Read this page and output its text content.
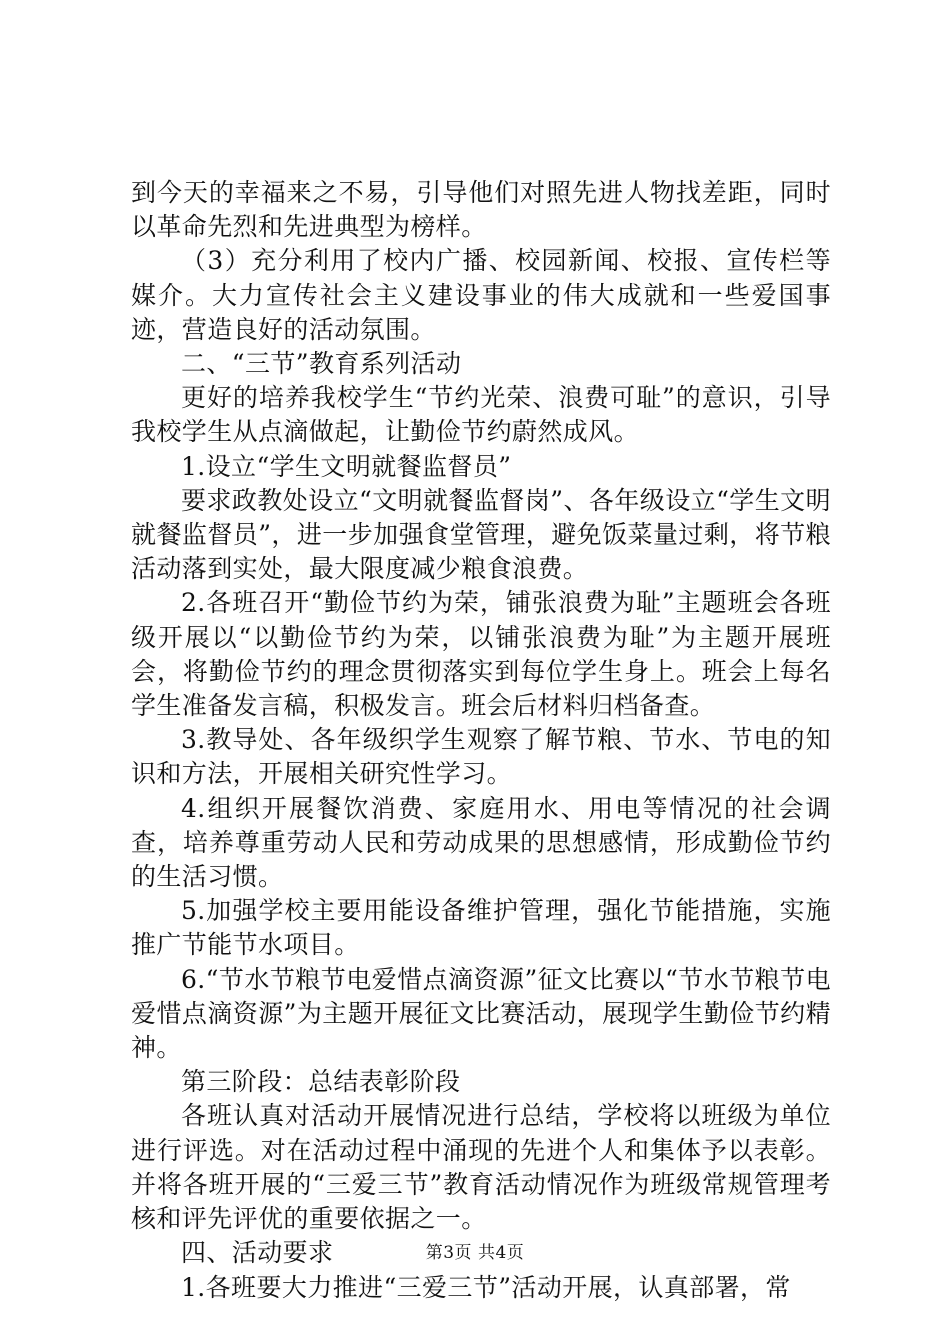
到今天的幸福来之不易，引导他们对照先进人物找差距，同时以革命先烈和先进典型为榜样。

（3）充分利用了校内广播、校园新闻、校报、宣传栏等媒介。大力宣传社会主义建设事业的伟大成就和一些爱国事迹，营造良好的活动氛围。

二、“三节”教育系列活动

更好的培养我校学生“节约光荣、浪费可耻”的意识，引导我校学生从点滴做起，让勤俭节约蔚然成风。

1.设立“学生文明就餐监督员”

要求政教处设立“文明就餐监督岗”、各年级设立“学生文明就餐监督员”，进一步加强食堂管理，避免饭菜量过剩，将节粮活动落到实处，最大限度减少粮食浪费。

2.各班召开“勤俭节约为荣，铺张浪费为耻”主题班会各班级开展以“以勤俭节约为荣，以铺张浪费为耻”为主题开展班会，将勤俭节约的理念贯彻落实到每位学生身上。班会上每名学生准备发言稿，积极发言。班会后材料归档备查。

3.教导处、各年级织学生观察了解节粮、节水、节电的知识和方法，开展相关研究性学习。

4.组织开展餐饮消费、家庭用水、用电等情况的社会调查，培养尊重劳动人民和劳动成果的思想感情，形成勤俭节约的生活习惯。

5.加强学校主要用能设备维护管理，强化节能措施，实施推广节能节水项目。

6.“节水节粮节电爱惜点滴资源”征文比赛以“节水节粮节电爱惜点滴资源”为主题开展征文比赛活动，展现学生勤俭节约精神。

第三阶段：总结表彰阶段

各班认真对活动开展情况进行总结，学校将以班级为单位进行评选。对在活动过程中涌现的先进个人和集体予以表彰。并将各班开展的“三爱三节”教育活动情况作为班级常规管理考核和评先评优的重要依据之一。

四、活动要求

1.各班要大力推进“三爱三节”活动开展，认真部署，常

第3页 共4页
